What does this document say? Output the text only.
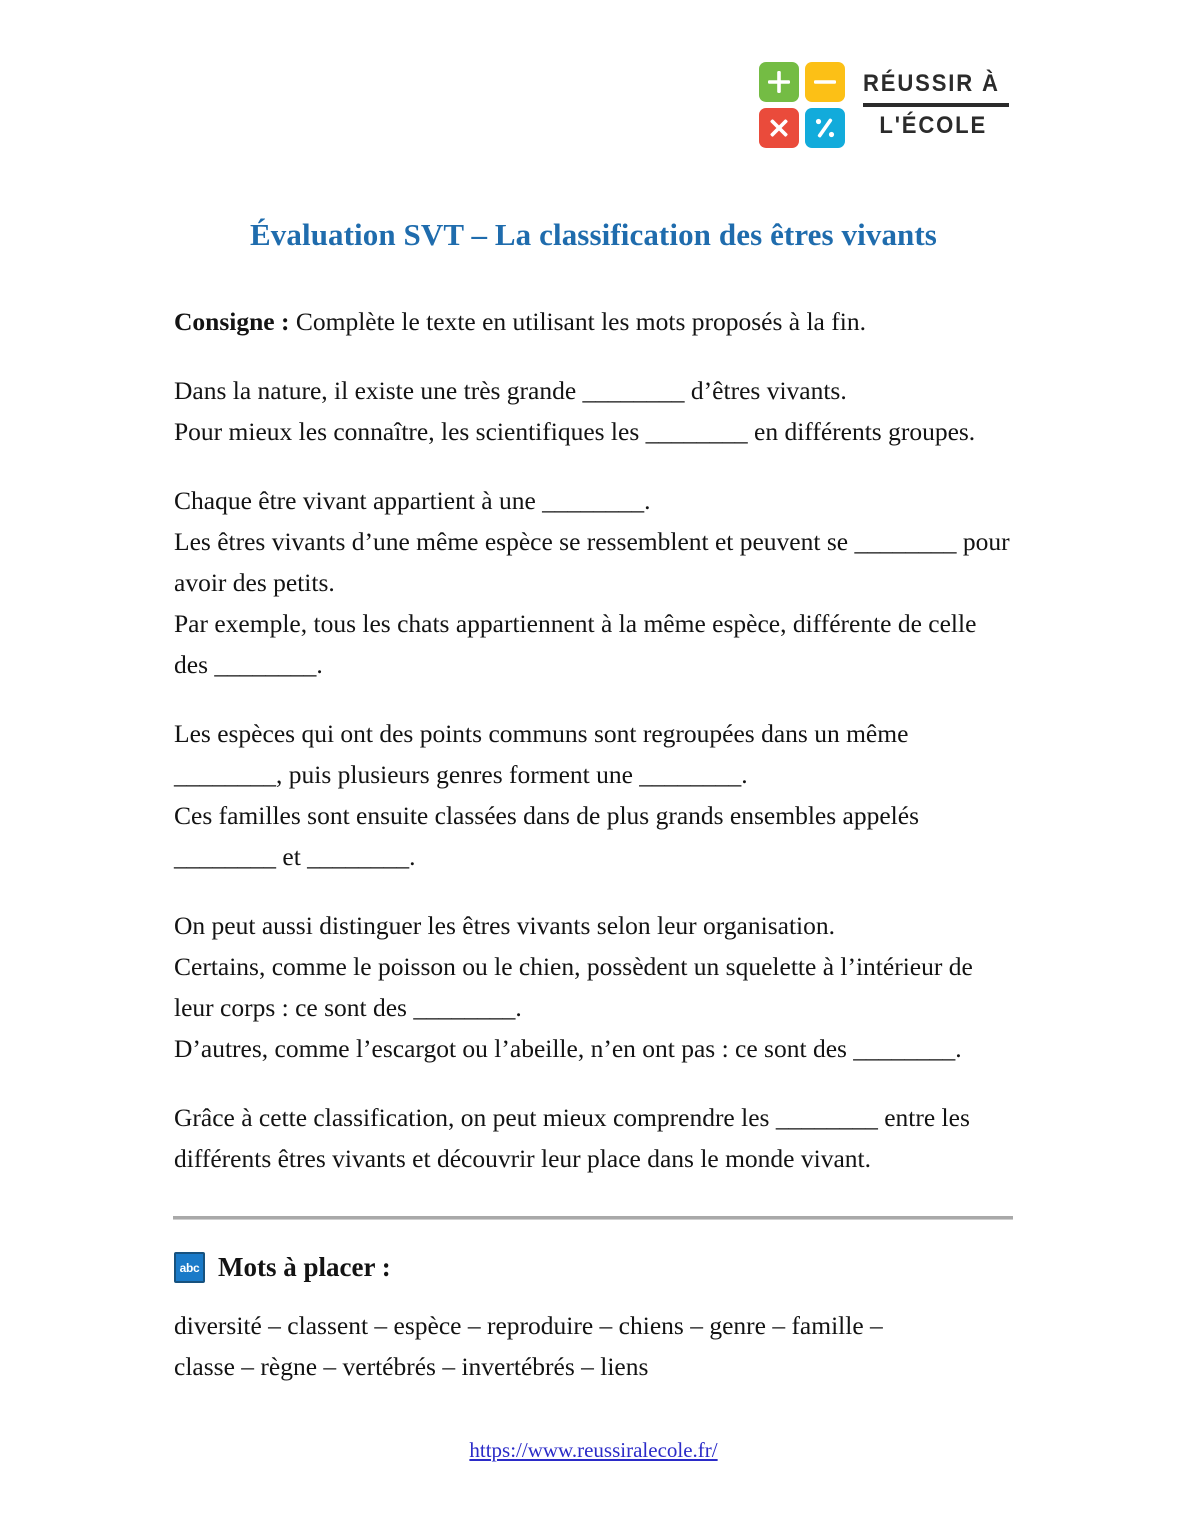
RÉUSSIR À
L'ÉCOLE
Évaluation SVT – La classification des êtres vivants

Consigne : Complète le texte en utilisant les mots proposés à la fin.

Dans la nature, il existe une très grande ________ d’êtres vivants.
Pour mieux les connaître, les scientifiques les ________ en différents groupes.

Chaque être vivant appartient à une ________.
Les êtres vivants d’une même espèce se ressemblent et peuvent se ________ pour avoir des petits.
Par exemple, tous les chats appartiennent à la même espèce, différente de celle des ________.

Les espèces qui ont des points communs sont regroupées dans un même ________, puis plusieurs genres forment une ________.
Ces familles sont ensuite classées dans de plus grands ensembles appelés ________ et ________.

On peut aussi distinguer les êtres vivants selon leur organisation.
Certains, comme le poisson ou le chien, possèdent un squelette à l’intérieur de leur corps : ce sont des ________.
D’autres, comme l’escargot ou l’abeille, n’en ont pas : ce sont des ________.

Grâce à cette classification, on peut mieux comprendre les ________ entre les différents êtres vivants et découvrir leur place dans le monde vivant.

abc Mots à placer :
diversité – classent – espèce – reproduire – chiens – genre – famille –
classe – règne – vertébrés – invertébrés – liens
https://www.reussiralecole.fr/
